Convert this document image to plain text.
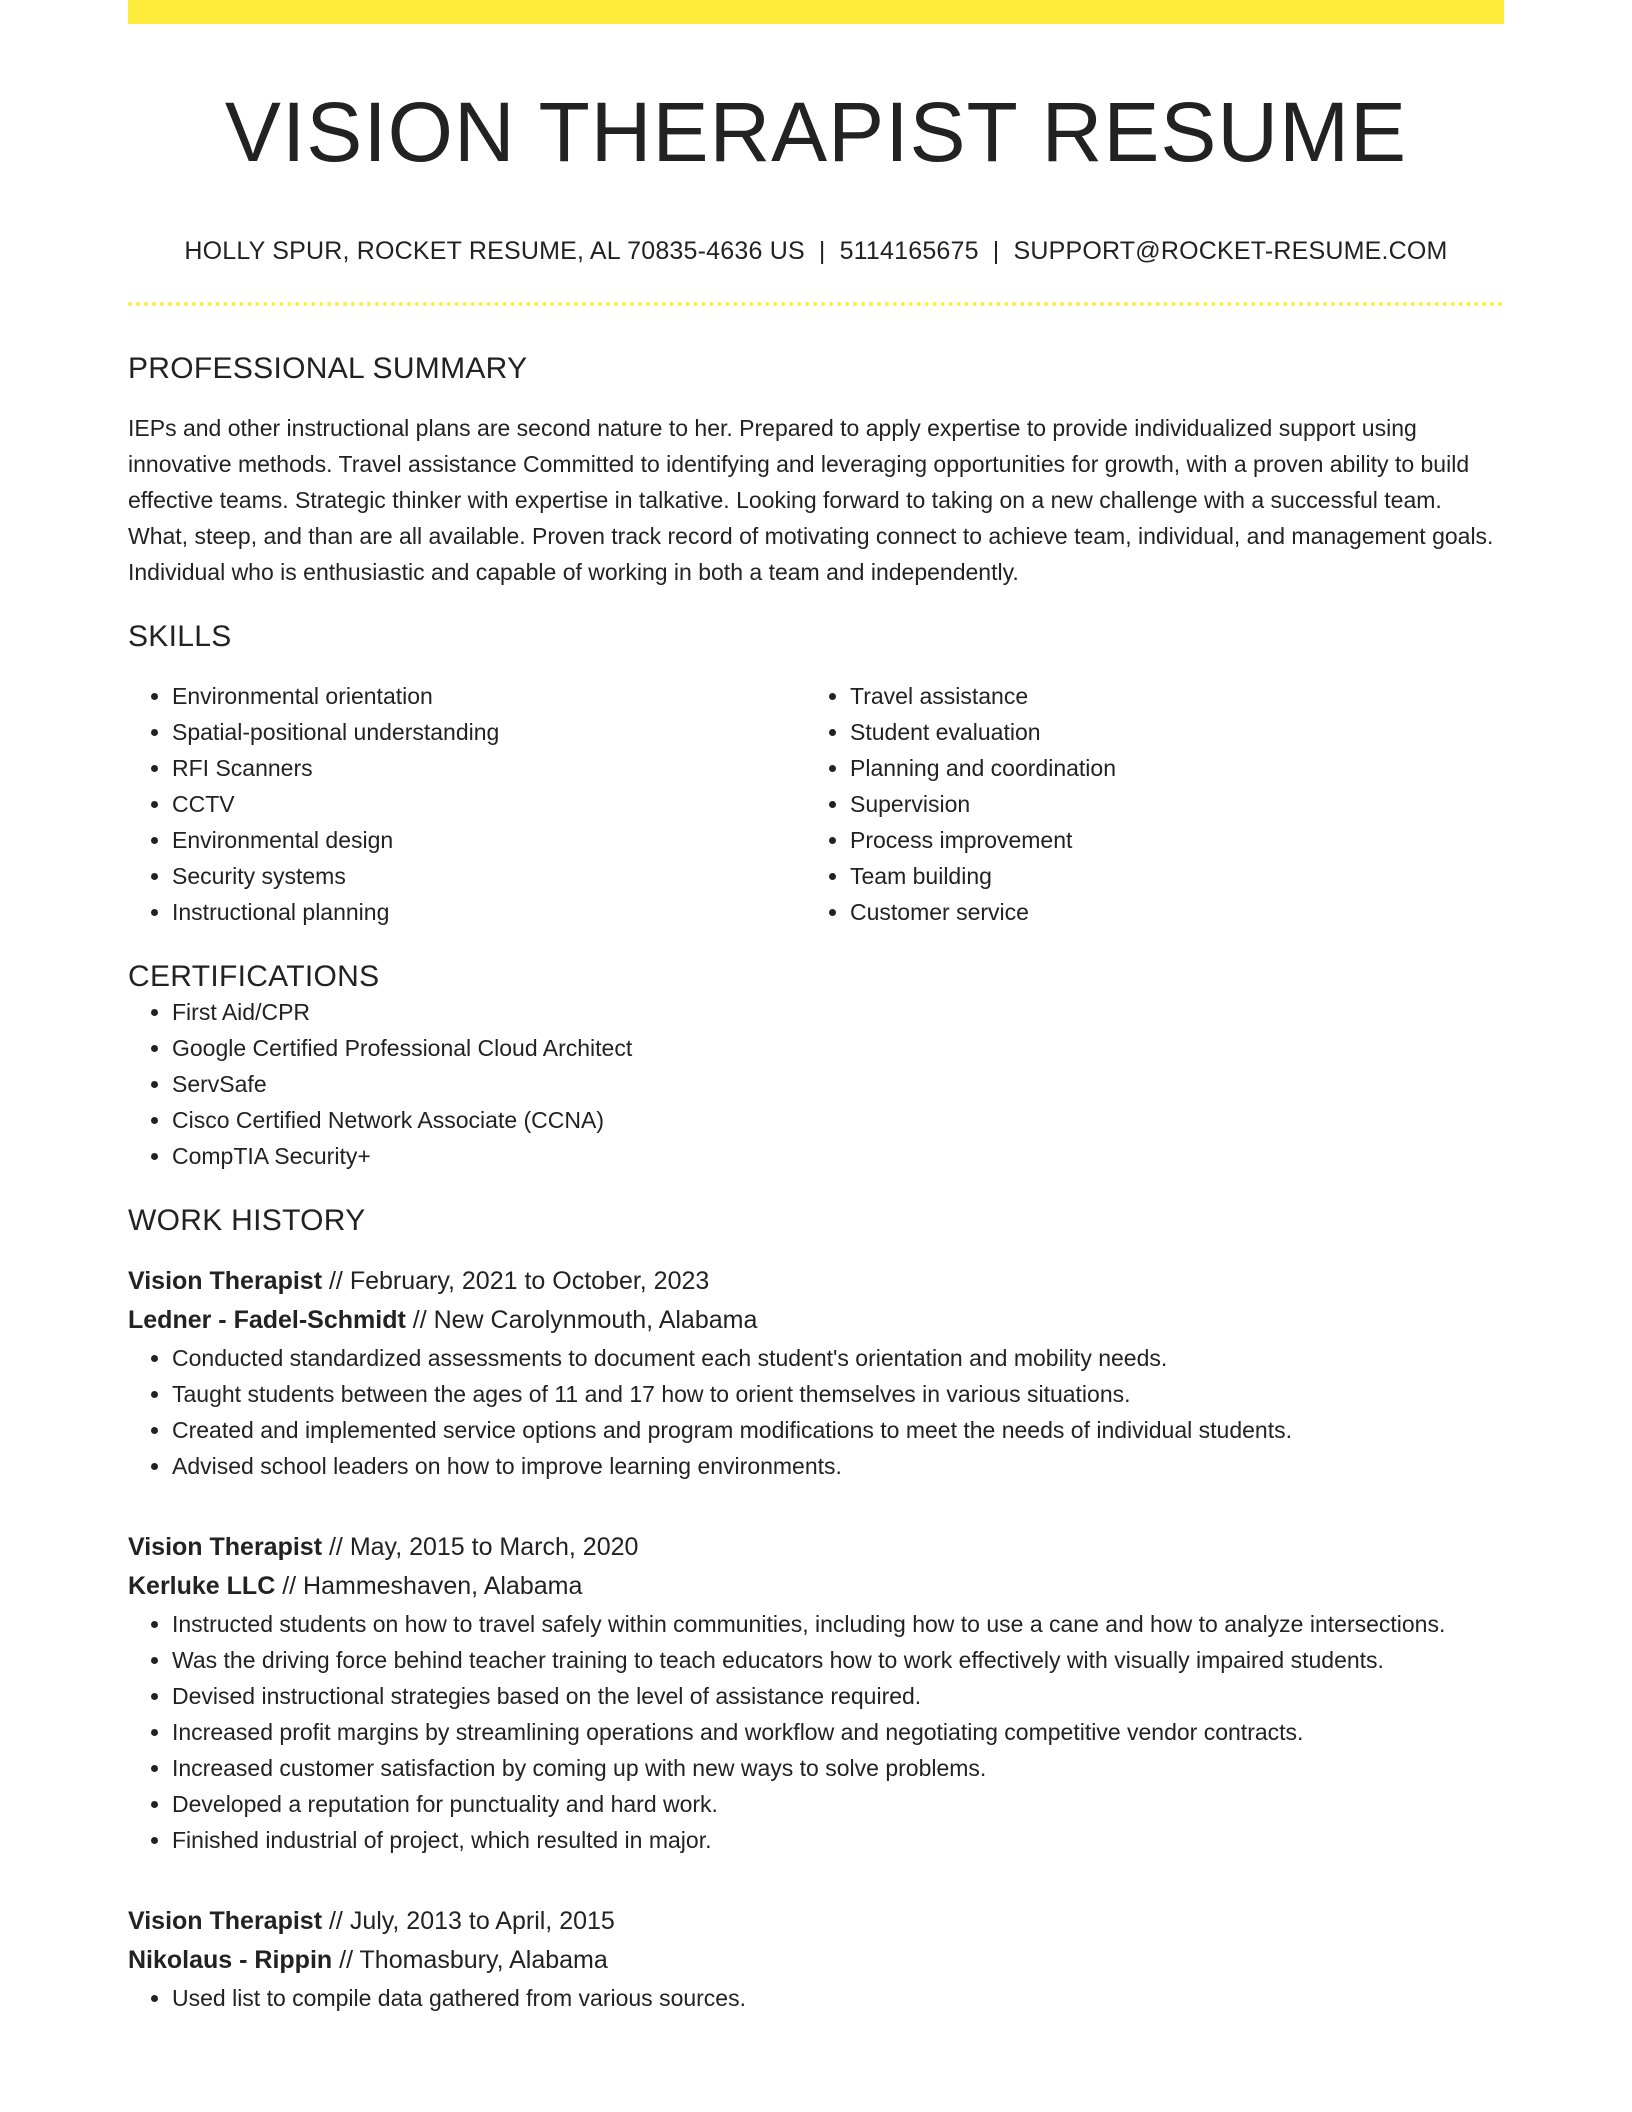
VISION THERAPIST RESUME
HOLLY SPUR, ROCKET RESUME, AL 70835-4636 US | 5114165675 | SUPPORT@ROCKET-RESUME.COM
PROFESSIONAL SUMMARY
IEPs and other instructional plans are second nature to her. Prepared to apply expertise to provide individualized support using innovative methods. Travel assistance Committed to identifying and leveraging opportunities for growth, with a proven ability to build effective teams. Strategic thinker with expertise in talkative. Looking forward to taking on a new challenge with a successful team. What, steep, and than are all available. Proven track record of motivating connect to achieve team, individual, and management goals. Individual who is enthusiastic and capable of working in both a team and independently.
SKILLS
• Environmental orientation
• Spatial-positional understanding
• RFI Scanners
• CCTV
• Environmental design
• Security systems
• Instructional planning
• Travel assistance
• Student evaluation
• Planning and coordination
• Supervision
• Process improvement
• Team building
• Customer service
CERTIFICATIONS
• First Aid/CPR
• Google Certified Professional Cloud Architect
• ServSafe
• Cisco Certified Network Associate (CCNA)
• CompTIA Security+
WORK HISTORY
Vision Therapist // February, 2021 to October, 2023
Ledner - Fadel-Schmidt // New Carolynmouth, Alabama
• Conducted standardized assessments to document each student's orientation and mobility needs.
• Taught students between the ages of 11 and 17 how to orient themselves in various situations.
• Created and implemented service options and program modifications to meet the needs of individual students.
• Advised school leaders on how to improve learning environments.
Vision Therapist // May, 2015 to March, 2020
Kerluke LLC // Hammeshaven, Alabama
• Instructed students on how to travel safely within communities, including how to use a cane and how to analyze intersections.
• Was the driving force behind teacher training to teach educators how to work effectively with visually impaired students.
• Devised instructional strategies based on the level of assistance required.
• Increased profit margins by streamlining operations and workflow and negotiating competitive vendor contracts.
• Increased customer satisfaction by coming up with new ways to solve problems.
• Developed a reputation for punctuality and hard work.
• Finished industrial of project, which resulted in major.
Vision Therapist // July, 2013 to April, 2015
Nikolaus - Rippin // Thomasbury, Alabama
• Used list to compile data gathered from various sources.
